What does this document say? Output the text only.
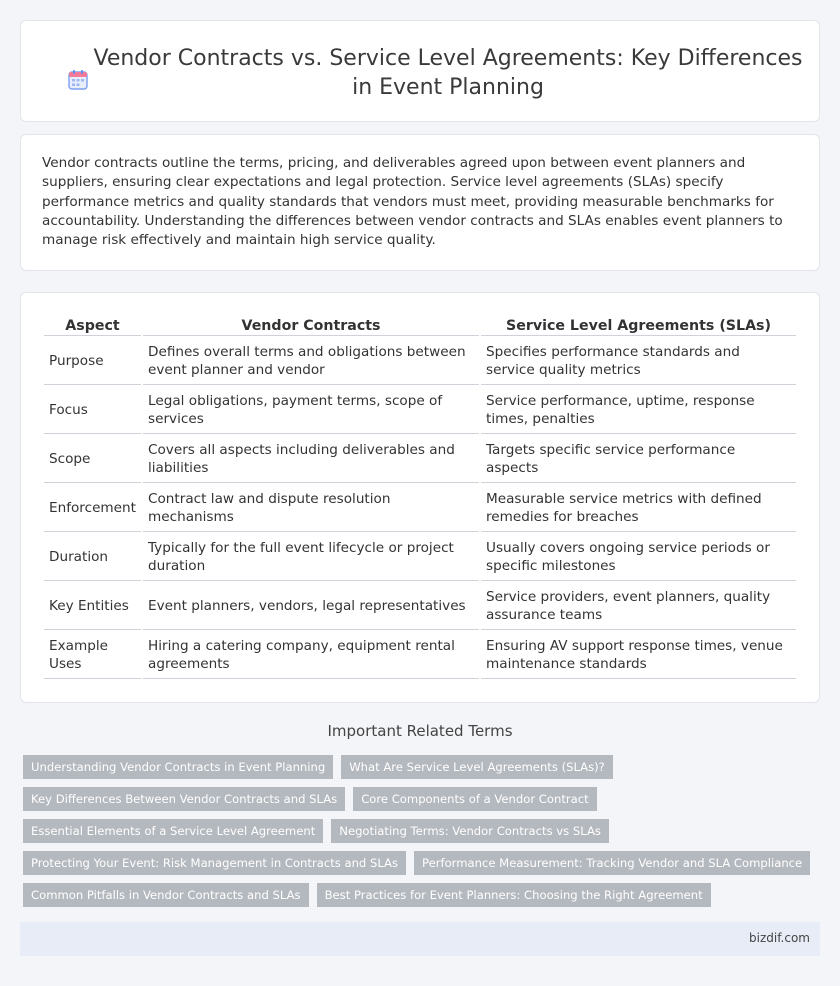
Vendor Contracts vs. Service Level Agreements: Key Differences in Event Planning

Vendor contracts outline the terms, pricing, and deliverables agreed upon between event planners and suppliers, ensuring clear expectations and legal protection. Service level agreements (SLAs) specify performance metrics and quality standards that vendors must meet, providing measurable benchmarks for accountability. Understanding the differences between vendor contracts and SLAs enables event planners to manage risk effectively and maintain high service quality.

Aspect	Vendor Contracts	Service Level Agreements (SLAs)
Purpose	Defines overall terms and obligations between event planner and vendor	Specifies performance standards and service quality metrics
Focus	Legal obligations, payment terms, scope of services	Service performance, uptime, response times, penalties
Scope	Covers all aspects including deliverables and liabilities	Targets specific service performance aspects
Enforcement	Contract law and dispute resolution mechanisms	Measurable service metrics with defined remedies for breaches
Duration	Typically for the full event lifecycle or project duration	Usually covers ongoing service periods or specific milestones
Key Entities	Event planners, vendors, legal representatives	Service providers, event planners, quality assurance teams
Example Uses	Hiring a catering company, equipment rental agreements	Ensuring AV support response times, venue maintenance standards
Important Related Terms
Understanding Vendor Contracts in Event Planning	What Are Service Level Agreements (SLAs)?
Key Differences Between Vendor Contracts and SLAs	Core Components of a Vendor Contract
Essential Elements of a Service Level Agreement	Negotiating Terms: Vendor Contracts vs SLAs
Protecting Your Event: Risk Management in Contracts and SLAs	Performance Measurement: Tracking Vendor and SLA Compliance
Common Pitfalls in Vendor Contracts and SLAs	Best Practices for Event Planners: Choosing the Right Agreement
bizdif.com
